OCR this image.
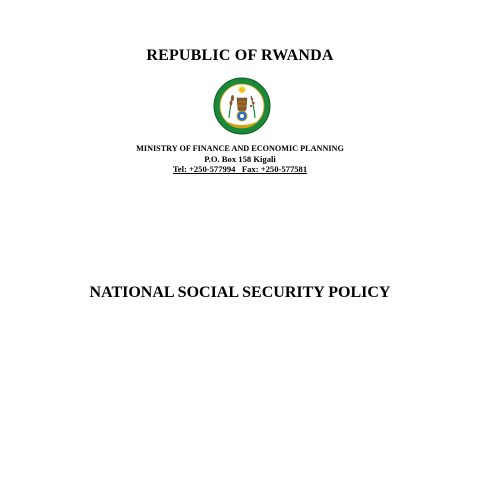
REPUBLIC OF RWANDA
MINISTRY OF FINANCE AND ECONOMIC PLANNING
P.O. Box 158 Kigali
Tel: +250-577994   Fax: +250-577581
NATIONAL SOCIAL SECURITY POLICY
